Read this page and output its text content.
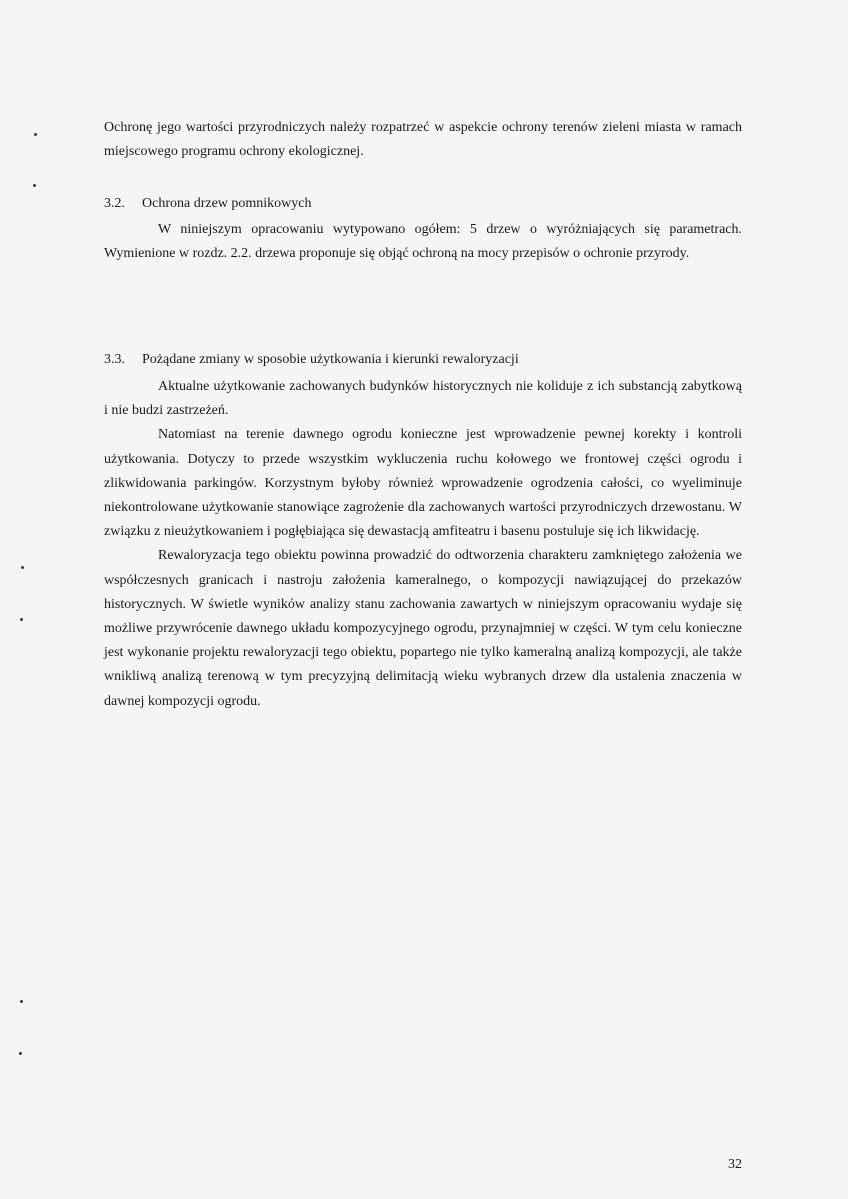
Ochronę jego wartości przyrodniczych należy rozpatrzeć w aspekcie ochrony terenów zieleni miasta w ramach miejscowego programu ochrony ekologicznej.

3.2. Ochrona drzew pomnikowych

W niniejszym opracowaniu wytypowano ogółem: 5 drzew o wyróżniających się parametrach. Wymienione w rozdz. 2.2. drzewa proponuje się objąć ochroną na mocy przepisów o ochronie przyrody.

3.3. Pożądane zmiany w sposobie użytkowania i kierunki rewaloryzacji

Aktualne użytkowanie zachowanych budynków historycznych nie koliduje z ich substancją zabytkową i nie budzi zastrzeżeń.

Natomiast na terenie dawnego ogrodu konieczne jest wprowadzenie pewnej korekty i kontroli użytkowania. Dotyczy to przede wszystkim wykluczenia ruchu kołowego we frontowej części ogrodu i zlikwidowania parkingów. Korzystnym byłoby również wprowadzenie ogrodzenia całości, co wyeliminuje niekontrolowane użytkowanie stanowiące zagrożenie dla zachowanych wartości przyrodniczych drzewostanu. W związku z nieużytkowaniem i pogłębiająca się dewastacją amfiteatru i basenu postuluje się ich likwidację.

Rewaloryzacja tego obiektu powinna prowadzić do odtworzenia charakteru zamkniętego założenia we współczesnych granicach i nastroju założenia kameralnego, o kompozycji nawiązującej do przekazów historycznych. W świetle wyników analizy stanu zachowania zawartych w niniejszym opracowaniu wydaje się możliwe przywrócenie dawnego układu kompozycyjnego ogrodu, przynajmniej w części. W tym celu konieczne jest wykonanie projektu rewaloryzacji tego obiektu, popartego nie tylko kameralną analizą kompozycji, ale także wnikliwą analizą terenową w tym precyzyjną delimitacją wieku wybranych drzew dla ustalenia znaczenia w dawnej kompozycji ogrodu.

32
